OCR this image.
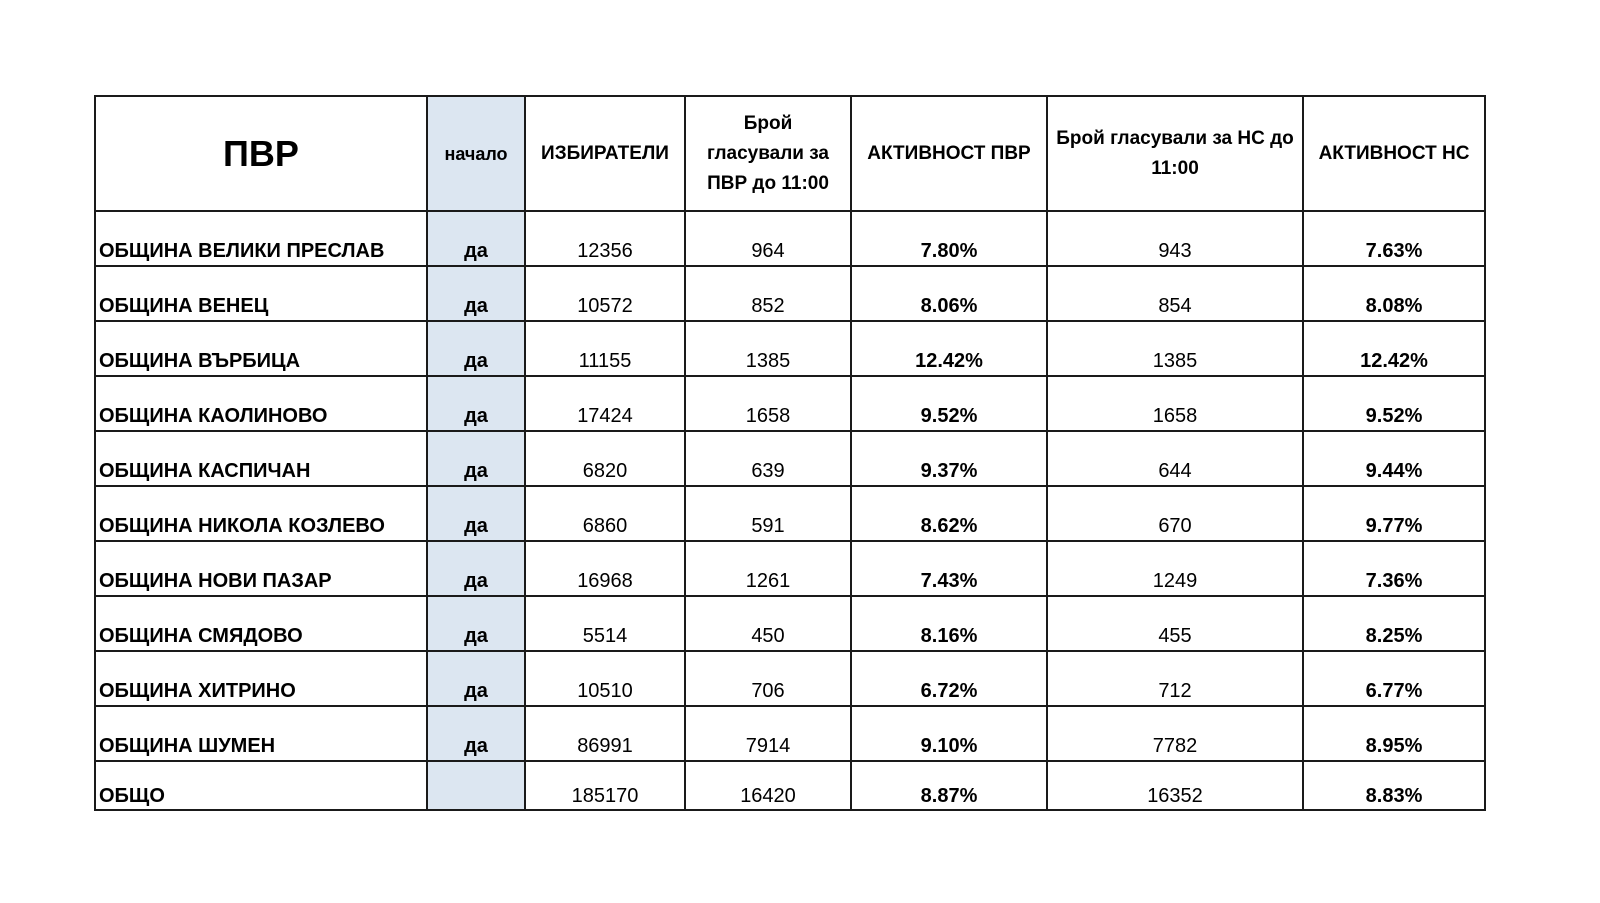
ПВР	начало	ИЗБИРАТЕЛИ	Брой гласували за ПВР до 11:00	АКТИВНОСТ ПВР	Брой гласували за НС до 11:00	АКТИВНОСТ НС
ОБЩИНА ВЕЛИКИ ПРЕСЛАВ	да	12356	964	7.80%	943	7.63%
ОБЩИНА ВЕНЕЦ	да	10572	852	8.06%	854	8.08%
ОБЩИНА ВЪРБИЦА	да	11155	1385	12.42%	1385	12.42%
ОБЩИНА КАОЛИНОВО	да	17424	1658	9.52%	1658	9.52%
ОБЩИНА КАСПИЧАН	да	6820	639	9.37%	644	9.44%
ОБЩИНА НИКОЛА КОЗЛЕВО	да	6860	591	8.62%	670	9.77%
ОБЩИНА НОВИ ПАЗАР	да	16968	1261	7.43%	1249	7.36%
ОБЩИНА СМЯДОВО	да	5514	450	8.16%	455	8.25%
ОБЩИНА ХИТРИНО	да	10510	706	6.72%	712	6.77%
ОБЩИНА ШУМЕН	да	86991	7914	9.10%	7782	8.95%
ОБЩО		185170	16420	8.87%	16352	8.83%
